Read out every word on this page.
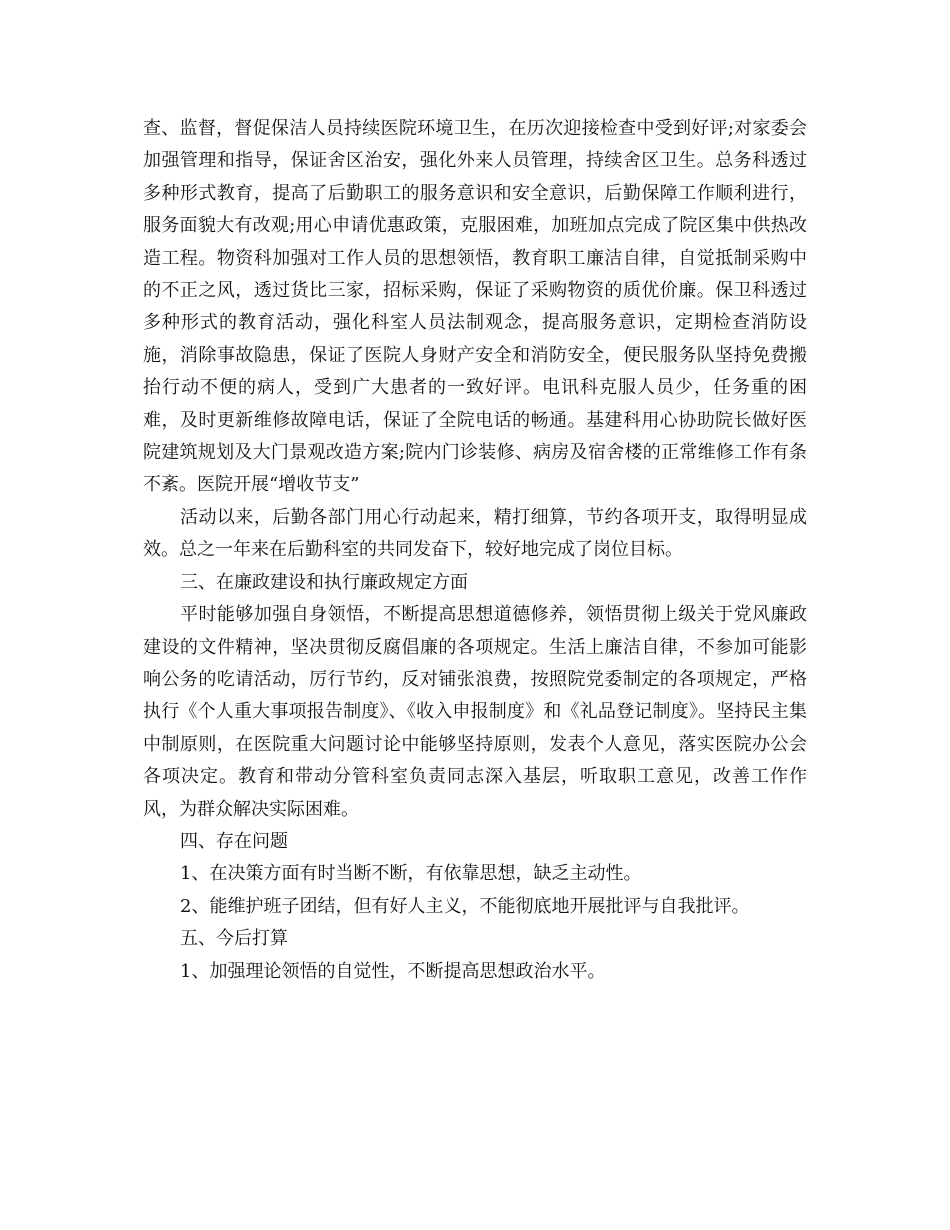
查、监督，督促保洁人员持续医院环境卫生，在历次迎接检查中受到好评;对家委会加强管理和指导，保证舍区治安，强化外来人员管理，持续舍区卫生。总务科透过多种形式教育，提高了后勤职工的服务意识和安全意识，后勤保障工作顺利进行，服务面貌大有改观;用心申请优惠政策，克服困难，加班加点完成了院区集中供热改造工程。物资科加强对工作人员的思想领悟，教育职工廉洁自律，自觉抵制采购中的不正之风，透过货比三家，招标采购，保证了采购物资的质优价廉。保卫科透过多种形式的教育活动，强化科室人员法制观念，提高服务意识，定期检查消防设施，消除事故隐患，保证了医院人身财产安全和消防安全，便民服务队坚持免费搬抬行动不便的病人，受到广大患者的一致好评。电讯科克服人员少，任务重的困难，及时更新维修故障电话，保证了全院电话的畅通。基建科用心协助院长做好医院建筑规划及大门景观改造方案;院内门诊装修、病房及宿舍楼的正常维修工作有条不紊。医院开展“增收节支”

活动以来，后勤各部门用心行动起来，精打细算，节约各项开支，取得明显成效。总之一年来在后勤科室的共同发奋下，较好地完成了岗位目标。

三、在廉政建设和执行廉政规定方面

平时能够加强自身领悟，不断提高思想道德修养，领悟贯彻上级关于党风廉政建设的文件精神，坚决贯彻反腐倡廉的各项规定。生活上廉洁自律，不参加可能影响公务的吃请活动，厉行节约，反对铺张浪费，按照院党委制定的各项规定，严格执行《个人重大事项报告制度》、《收入申报制度》和《礼品登记制度》。坚持民主集中制原则，在医院重大问题讨论中能够坚持原则，发表个人意见，落实医院办公会各项决定。教育和带动分管科室负责同志深入基层，听取职工意见，改善工作作风，为群众解决实际困难。

四、存在问题

1、在决策方面有时当断不断，有依靠思想，缺乏主动性。

2、能维护班子团结，但有好人主义，不能彻底地开展批评与自我批评。

五、今后打算

1、加强理论领悟的自觉性，不断提高思想政治水平。
